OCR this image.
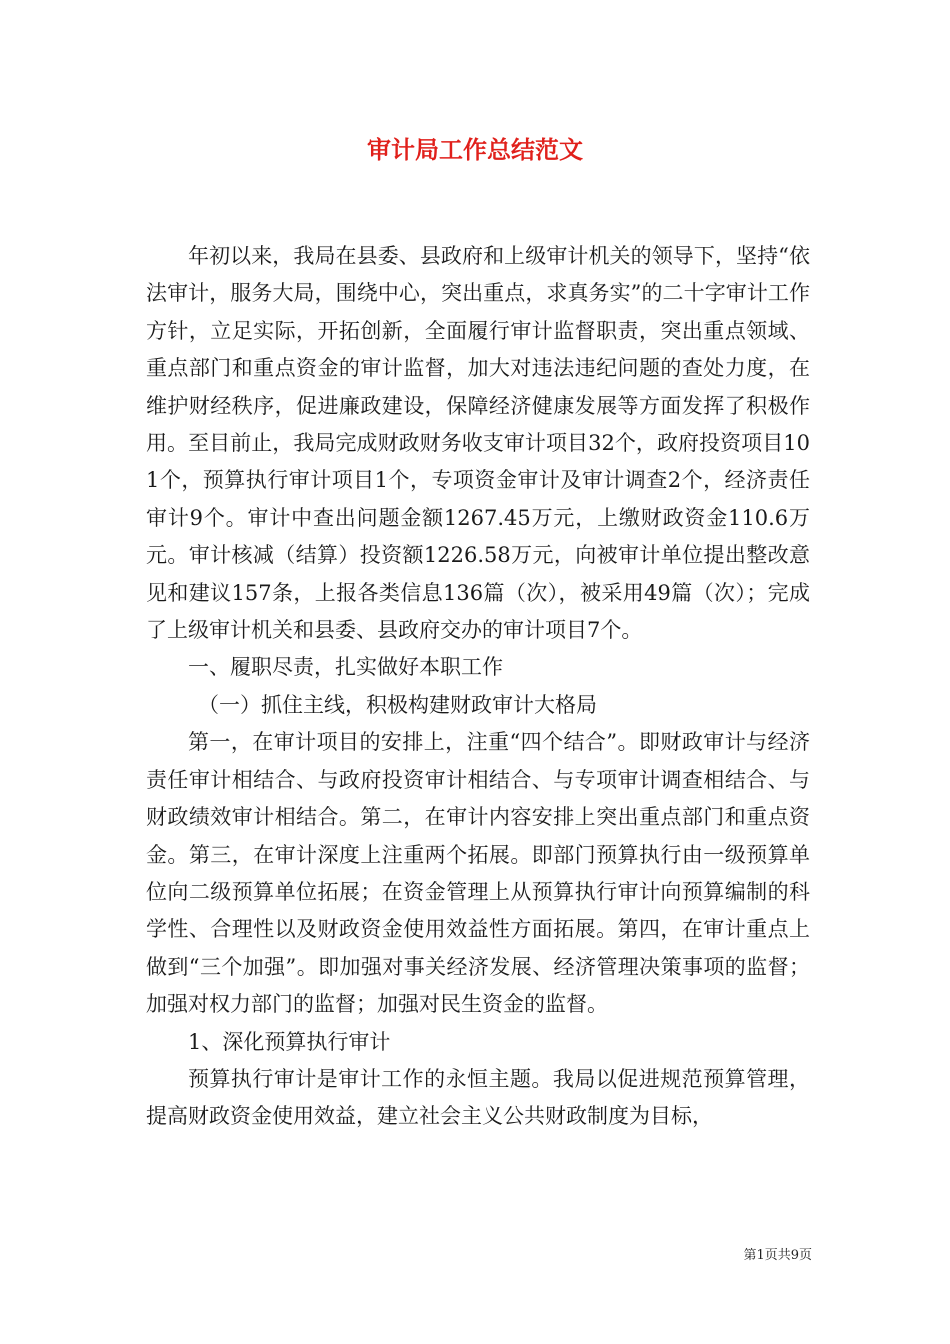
审计局工作总结范文

年初以来，我局在县委、县政府和上级审计机关的领导下，坚持“依法审计，服务大局，围绕中心，突出重点，求真务实”的二十字审计工作方针，立足实际，开拓创新，全面履行审计监督职责，突出重点领域、重点部门和重点资金的审计监督，加大对违法违纪问题的查处力度，在维护财经秩序，促进廉政建设，保障经济健康发展等方面发挥了积极作用。至目前止，我局完成财政财务收支审计项目32个，政府投资项目101个，预算执行审计项目1个，专项资金审计及审计调查2个，经济责任审计9个。审计中查出问题金额1267.45万元，上缴财政资金110.6万元。审计核减（结算）投资额1226.58万元，向被审计单位提出整改意见和建议157条，上报各类信息136篇（次），被采用49篇（次）；完成了上级审计机关和县委、县政府交办的审计项目7个。

一、履职尽责，扎实做好本职工作

（一）抓住主线，积极构建财政审计大格局

第一，在审计项目的安排上，注重“四个结合”。即财政审计与经济责任审计相结合、与政府投资审计相结合、与专项审计调查相结合、与财政绩效审计相结合。第二，在审计内容安排上突出重点部门和重点资金。第三，在审计深度上注重两个拓展。即部门预算执行由一级预算单位向二级预算单位拓展；在资金管理上从预算执行审计向预算编制的科学性、合理性以及财政资金使用效益性方面拓展。第四，在审计重点上做到“三个加强”。即加强对事关经济发展、经济管理决策事项的监督；加强对权力部门的监督；加强对民生资金的监督。

1、深化预算执行审计

预算执行审计是审计工作的永恒主题。我局以促进规范预算管理，提高财政资金使用效益，建立社会主义公共财政制度为目标，

第1页共9页
